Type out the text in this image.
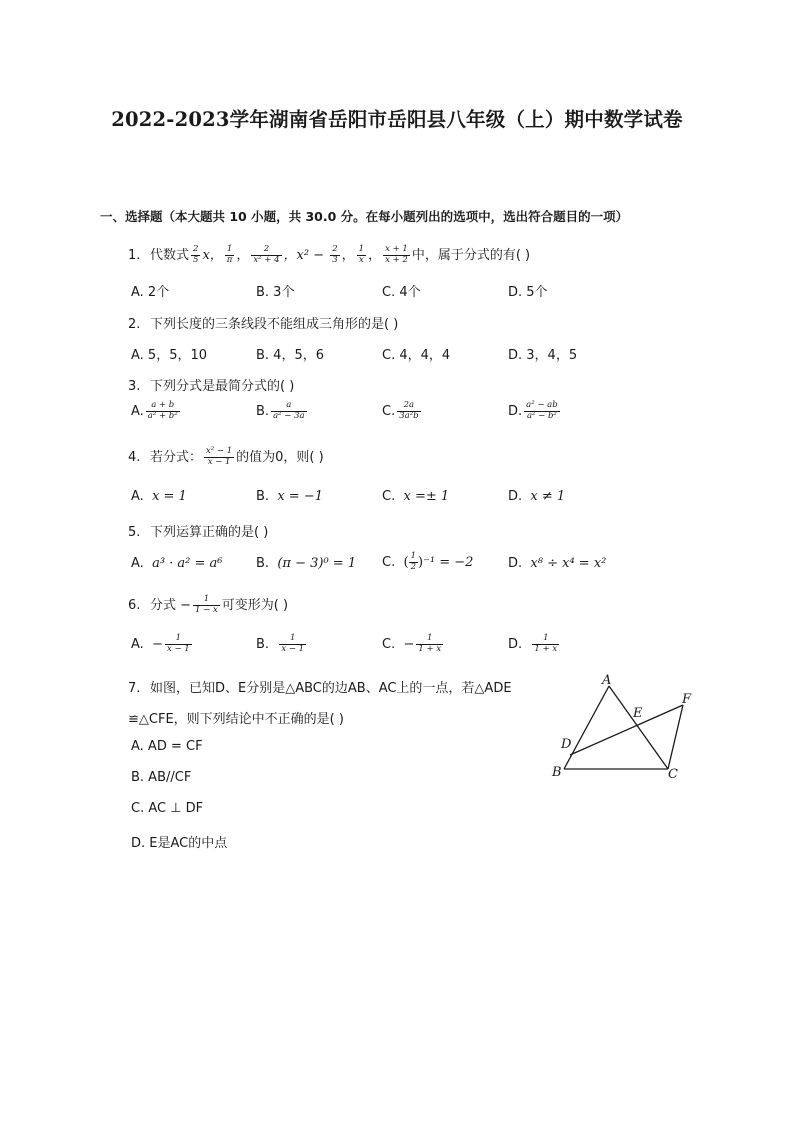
2022-2023学年湖南省岳阳市岳阳县八年级（上）期中数学试卷
一、选择题（本大题共 10 小题，共 30.0 分。在每小题列出的选项中，选出符合题目的一项）
1. 代数式 $\frac{2}{5}$ x， $\frac{1}{\pi}$ ， $\frac{2}{\text{x² + 4}}$ ，$x^2 - \frac{2}{3}$ ， $\frac{1}{x}$ ， $\frac{x + 1}{x + 2}$ 中，属于分式的有( )
A. 2个	B. 3个	C. 4个	D. 5个
2. 下列长度的三条线段不能组成三角形的是( )
A. 5，5，10	B. 4，5，6	C. 4，4，4	D. 3，4，5
3. 下列分式是最简分式的( )
A. $\frac{a + b}{\text{a² + b²}}$	B. $\frac{a}{\text{a² − 3a}}$	C. $\frac{2a}{\text{3a²b}}$	D. $\frac{\text{a² − ab}}{\text{a² − b²}}$
4. 若分式： $\frac{\text{x² − 1}}{x - 1}$ 的值为0，则( )
A. x = 1	B. x = −1	C. x =± 1	D. x ≠ 1
5. 下列运算正确的是( )
A. a³ · a² = a⁶	B. (π − 3)⁰ = 1 C. ( $\frac{1}{2} )^{-1} = -2$	D. x⁸ ÷ x⁴ = x²
6. 分式 − $\frac{1}{1 - x}$ 可变形为( )
A. − $\frac{1}{x - 1}$	B. $\frac{1}{x - 1}$	C. − $\frac{1}{1 + x}$	D. $\frac{1}{1 + x}$
7. 如图，已知D、E分别是△ABC的边AB、AC上的一点，若△ADE
≌△CFE，则下列结论中不正确的是( )
A. AD = CF
B. AB//CF
C. AC ⊥ DF
D. E是AC的中点
A
B	C
D
E
F
